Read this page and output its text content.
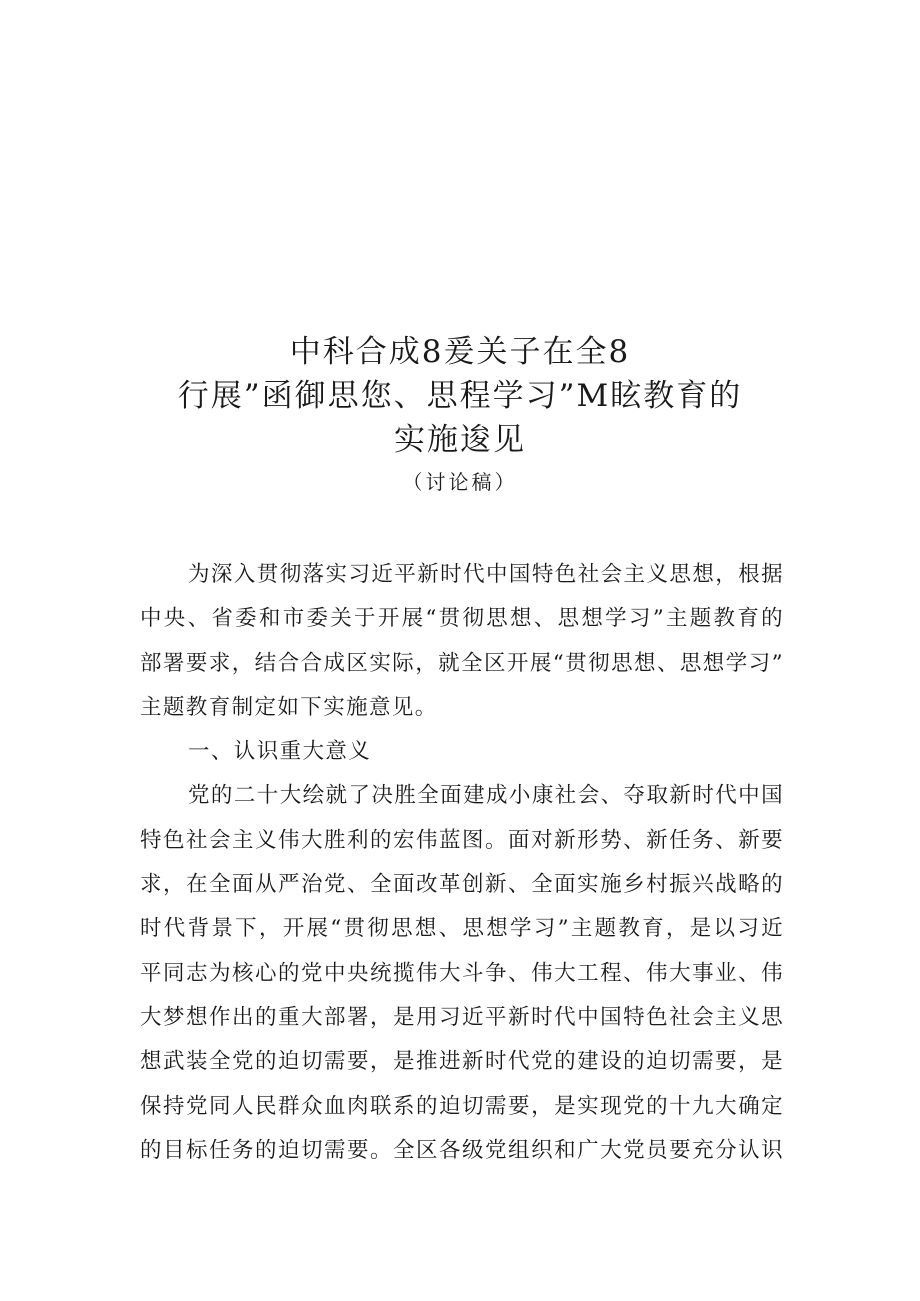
中科合成8爰关子在全8
行展”函御思您、思程学习”M眩教育的
实施逡见
（讨论稿）
为深入贯彻落实习近平新时代中国特色社会主义思想，根据
中央、省委和市委关于开展“贯彻思想、思想学习”主题教育的
部署要求，结合合成区实际，就全区开展“贯彻思想、思想学习”
主题教育制定如下实施意见。
一、认识重大意义
党的二十大绘就了决胜全面建成小康社会、夺取新时代中国
特色社会主义伟大胜利的宏伟蓝图。面对新形势、新任务、新要
求，在全面从严治党、全面改革创新、全面实施乡村振兴战略的
时代背景下，开展“贯彻思想、思想学习”主题教育，是以习近
平同志为核心的党中央统揽伟大斗争、伟大工程、伟大事业、伟
大梦想作出的重大部署，是用习近平新时代中国特色社会主义思
想武装全党的迫切需要，是推进新时代党的建设的迫切需要，是
保持党同人民群众血肉联系的迫切需要，是实现党的十九大确定
的目标任务的迫切需要。全区各级党组织和广大党员要充分认识
